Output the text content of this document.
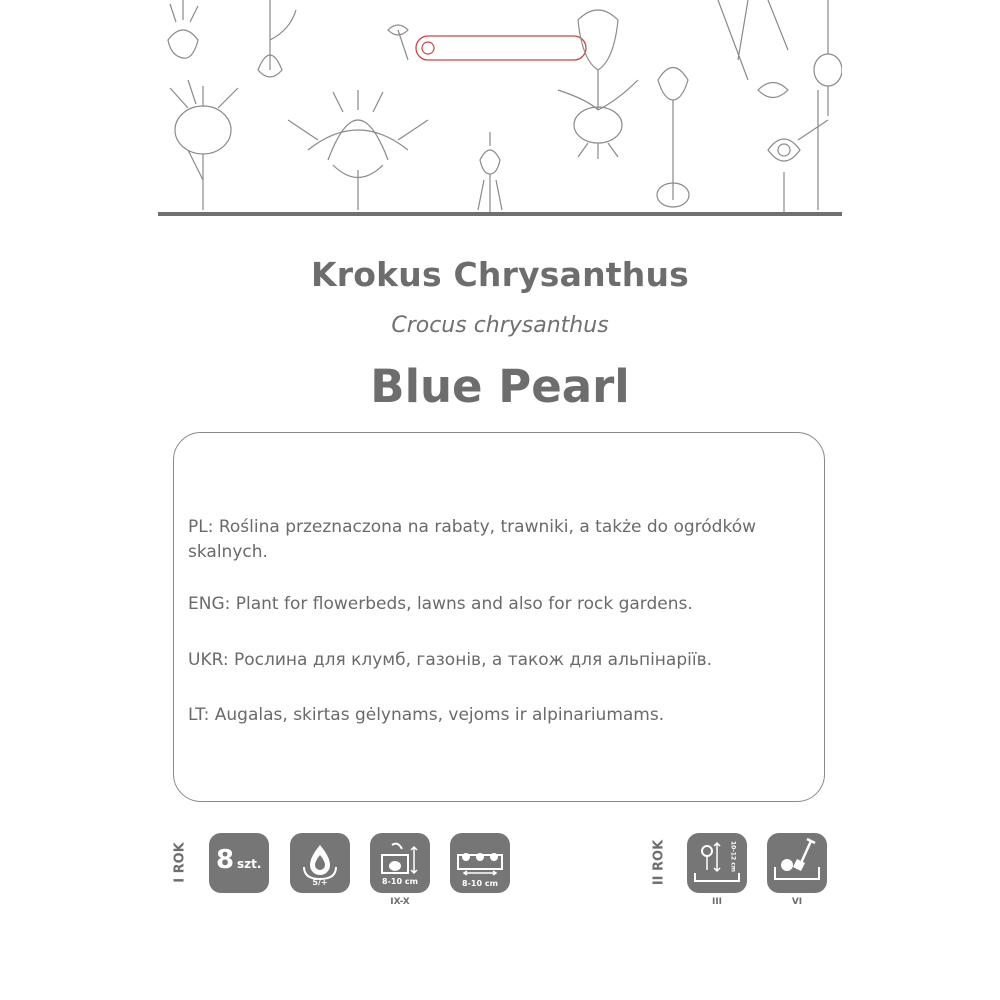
Krokus Chrysanthus
Crocus chrysanthus
Blue Pearl
PL: Roślina przeznaczona na rabaty, trawniki, a także do ogródków skalnych.
ENG: Plant for flowerbeds, lawns and also for rock gardens.
UKR: Рослина для клумб, газонів, а також для альпінаріїв.
LT: Augalas, skirtas gėlynams, vejoms ir alpinariumams.
I ROK	II ROK
8 szt.
5/+	8-10 cm
IX-X
8-10 cm
10-12 cm
III	VI
